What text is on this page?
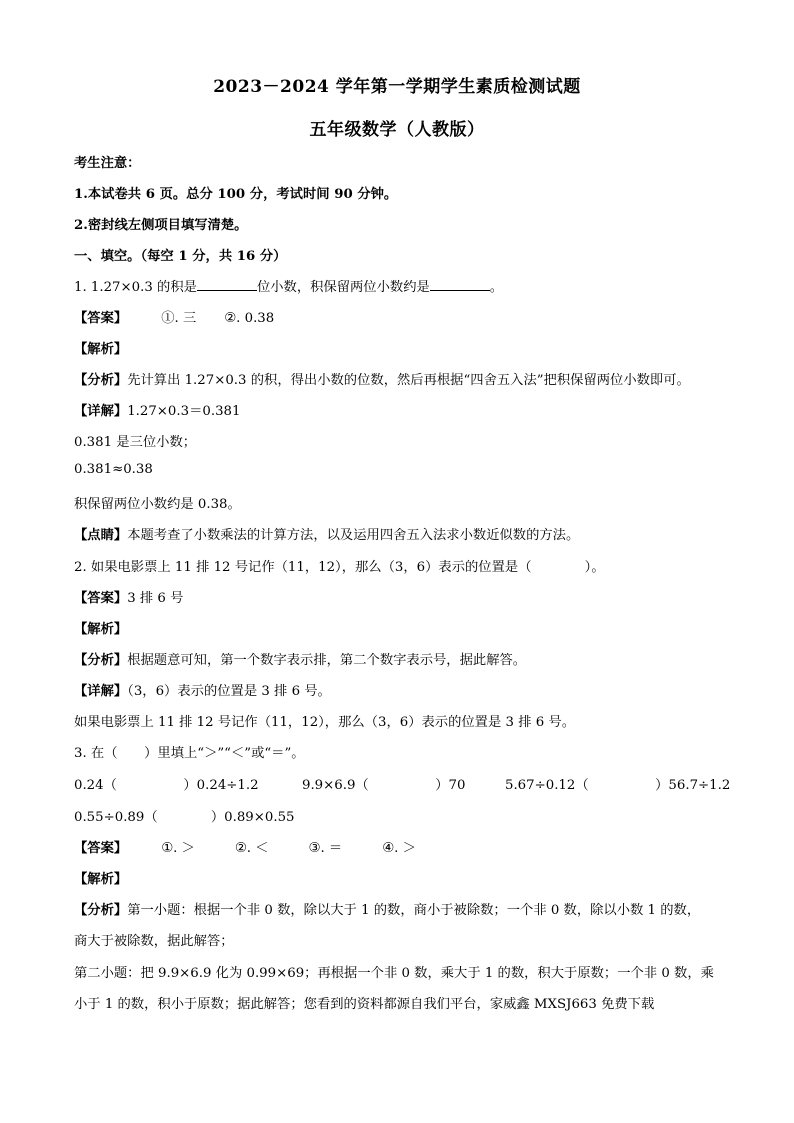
2023－2024 学年第一学期学生素质检测试题
五年级数学（人教版）
考生注意：
1.本试卷共 6 页。总分 100 分，考试时间 90 分钟。
2.密封线左侧项目填写清楚。
一、填空。（每空 1 分，共 16 分）
1. 1.27×0.3 的积是	位小数，积保留两位小数约是	。
【答案】	①. 三 ②. 0.38
【解析】
【分析】先计算出 1.27×0.3 的积，得出小数的位数，然后再根据“四舍五入法”把积保留两位小数即可。
【详解】1.27×0.3＝0.381
0.381 是三位小数；
0.381≈0.38
积保留两位小数约是 0.38。
【点睛】本题考查了小数乘法的计算方法，以及运用四舍五入法求小数近似数的方法。
2. 如果电影票上 11 排 12 号记作（11，12），那么（3，6）表示的位置是（　　　　）。
【答案】3 排 6 号
【解析】
【分析】根据题意可知，第一个数字表示排，第二个数字表示号，据此解答。
【详解】（3，6）表示的位置是 3 排 6 号。
如果电影票上 11 排 12 号记作（11，12），那么（3，6）表示的位置是 3 排 6 号。
3. 在（　　）里填上“＞”“＜”或“＝”。
0.24（　　　　　）0.24÷1.2	9.9×6.9（　　　　　）70	5.67÷0.12（　　　　　）56.7÷1.2
0.55÷0.89（　　　　）0.89×0.55
【答案】	①. ＞	②. ＜	③. ＝	④. ＞
【解析】
【分析】第一小题：根据一个非 0 数，除以大于 1 的数，商小于被除数；一个非 0 数，除以小数 1 的数，
商大于被除数，据此解答；
第二小题：把 9.9×6.9 化为 0.99×69；再根据一个非 0 数，乘大于 1 的数，积大于原数；一个非 0 数，乘
小于 1 的数，积小于原数；据此解答；您看到的资料都源自我们平台，家威鑫 MXSJ663 免费下载
